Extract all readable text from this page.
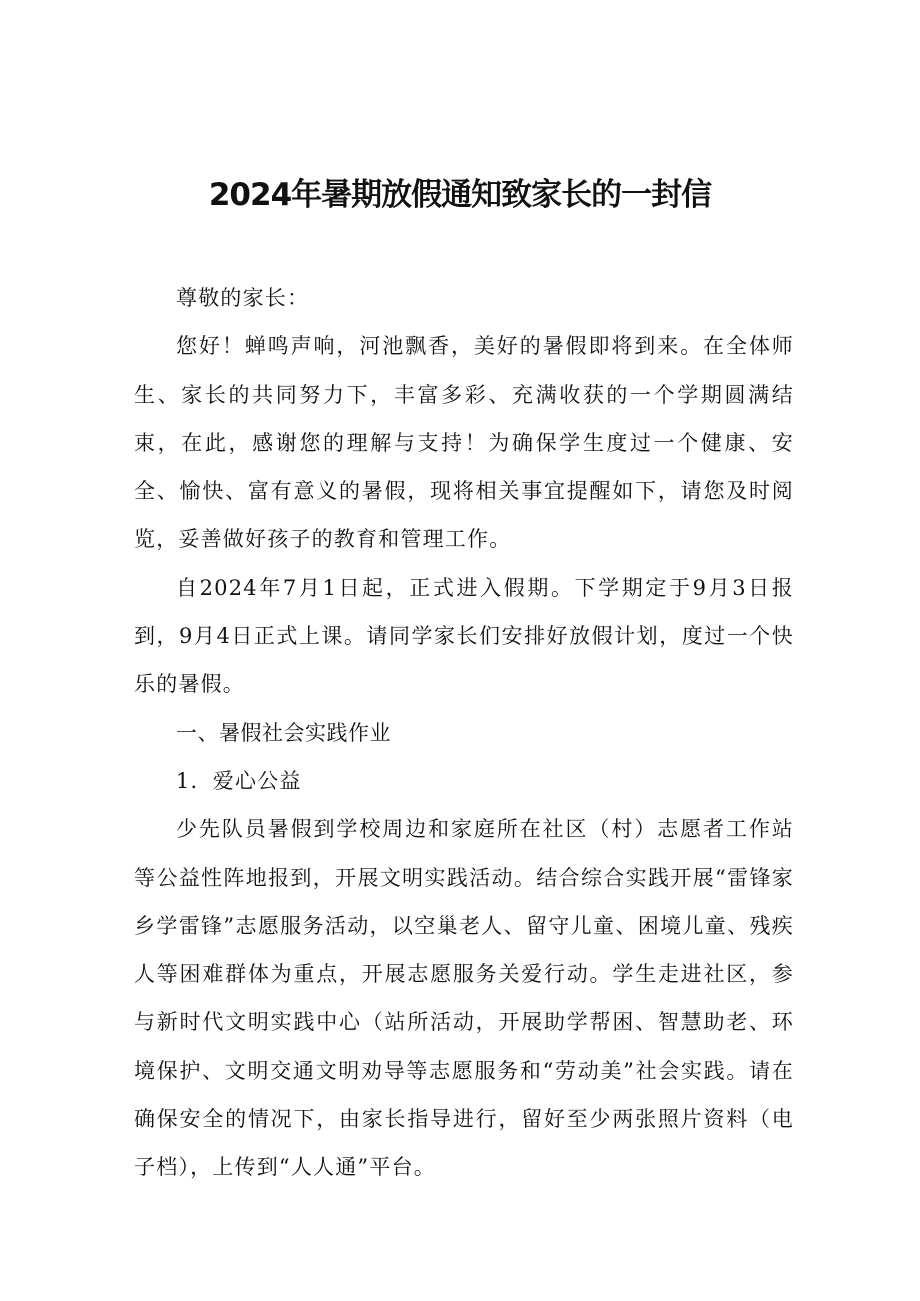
2024年暑期放假通知致家长的一封信

尊敬的家长：

您好！蝉鸣声响，河池飘香，美好的暑假即将到来。在全体师生、家长的共同努力下，丰富多彩、充满收获的一个学期圆满结束，在此，感谢您的理解与支持！为确保学生度过一个健康、安全、愉快、富有意义的暑假，现将相关事宜提醒如下，请您及时阅览，妥善做好孩子的教育和管理工作。

自2024年7月1日起，正式进入假期。下学期定于9月3日报到，9月4日正式上课。请同学家长们安排好放假计划，度过一个快乐的暑假。

一、暑假社会实践作业

1．爱心公益

少先队员暑假到学校周边和家庭所在社区（村）志愿者工作站等公益性阵地报到，开展文明实践活动。结合综合实践开展“雷锋家乡学雷锋”志愿服务活动，以空巢老人、留守儿童、困境儿童、残疾人等困难群体为重点，开展志愿服务关爱行动。学生走进社区，参与新时代文明实践中心（站所活动，开展助学帮困、智慧助老、环境保护、文明交通文明劝导等志愿服务和“劳动美”社会实践。请在确保安全的情况下，由家长指导进行，留好至少两张照片资料（电子档），上传到“人人通”平台。
